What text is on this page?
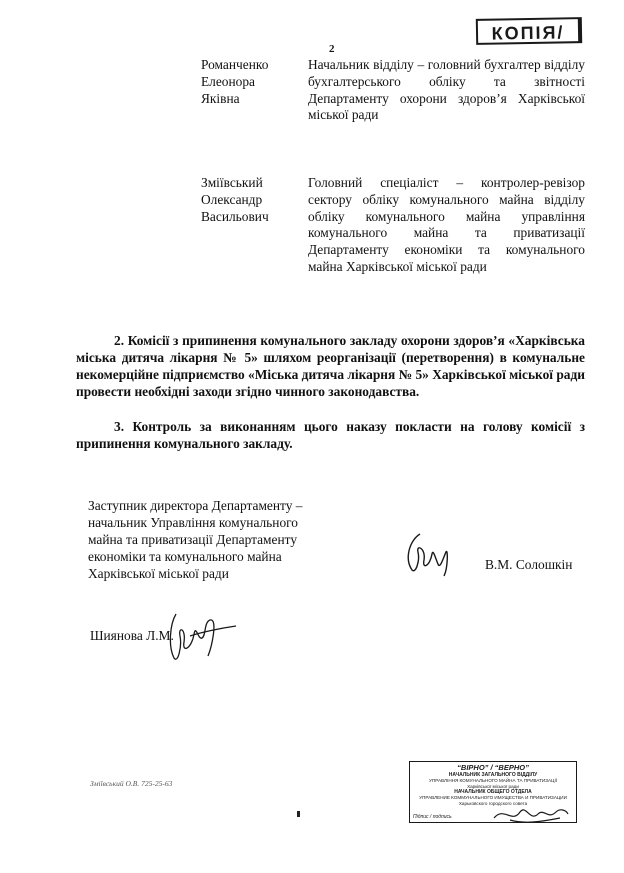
КОПІЯ/
2
Романченко
Елеонора
Яківна
Начальник відділу – головний бухгалтер відділу бухгалтерського обліку та звітності Департаменту охорони здоров’я Харківської міської ради
Зміївський
Олександр
Васильович
Головний спеціаліст – контролер-ревізор сектору обліку комунального майна відділу обліку комунального майна управління комунального майна та приватизації Департаменту економіки та комунального майна Харківської міської ради
2. Комісії з припинення комунального закладу охорони здоров’я «Харківська міська дитяча лікарня № 5» шляхом реорганізації (перетворення) в комунальне некомерційне підприємство «Міська дитяча лікарня № 5» Харківської міської ради провести необхідні заходи згідно чинного законодавства.
3. Контроль за виконанням цього наказу покласти на голову комісії з припинення комунального закладу.
Заступник директора Департаменту –
начальник Управління комунального
майна та приватизації Департаменту
економіки та комунального майна
Харківської міської ради
В.М. Солошкін
Шиянова Л.М.
Зміївський О.В. 725-25-63
“ВІРНО” / “ВЕРНО”
НАЧАЛЬНИК ЗАГАЛЬНОГО ВІДДІЛУ
УПРАВЛІННЯ КОМУНАЛЬНОГО МАЙНА ТА ПРИВАТИЗАЦІЇ
Харківської міської ради
НАЧАЛЬНИК ОБЩЕГО ОТДЕЛА
УПРАВЛЕНИЕ КОММУНАЛЬНОГО ИМУЩЕСТВА И ПРИВАТИЗАЦИИ
Харьковского городского совета
Підпис / подпись
